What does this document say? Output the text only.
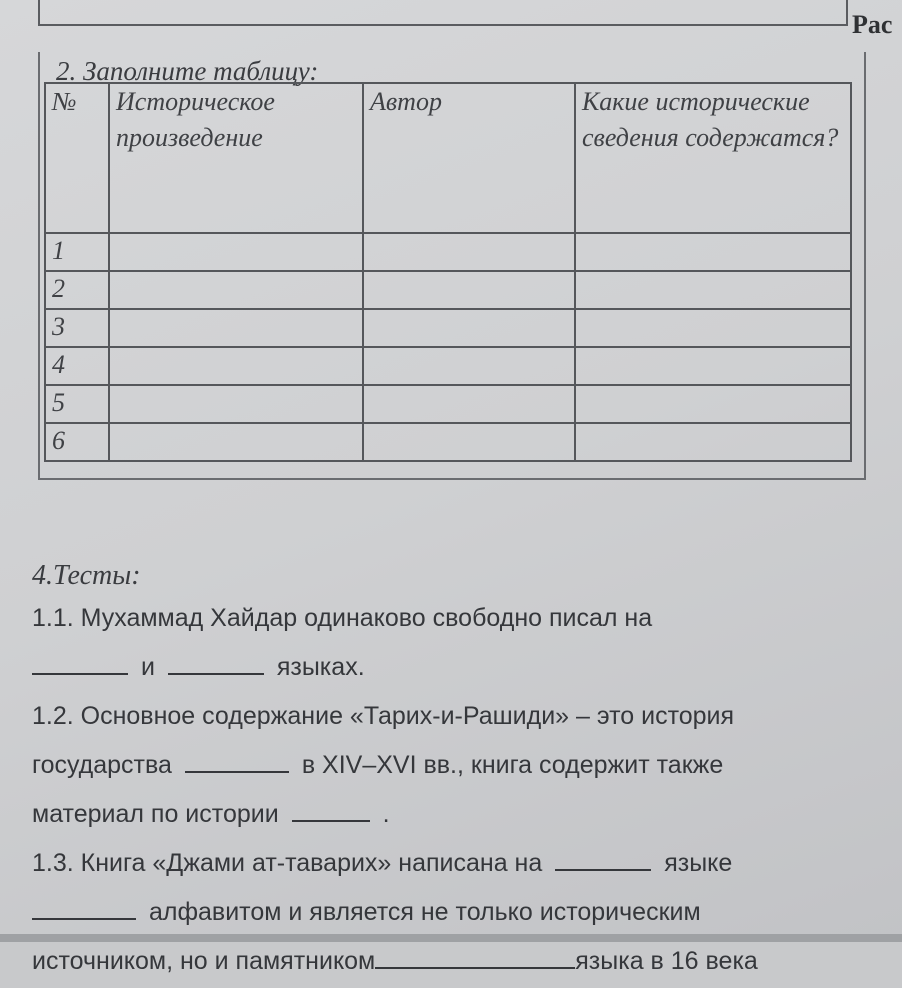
Рас
2. Заполните таблицу:
№	Историческое произведение	Автор	Какие исторические сведения содержатся?
1			
2			
3			
4			
5			
6			
4.Тесты:
1.1. Мухаммад Хайдар одинаково свободно писал на
и	языках.
1.2. Основное содержание «Тарих-и-Рашиди» – это история
государства	в XIV–XVI вв., книга содержит также
материал по истории	.
1.3. Книга «Джами ат-таварих» написана на	языке
алфавитом и является не только историческим
источником, но и памятником	языка в 16 века
